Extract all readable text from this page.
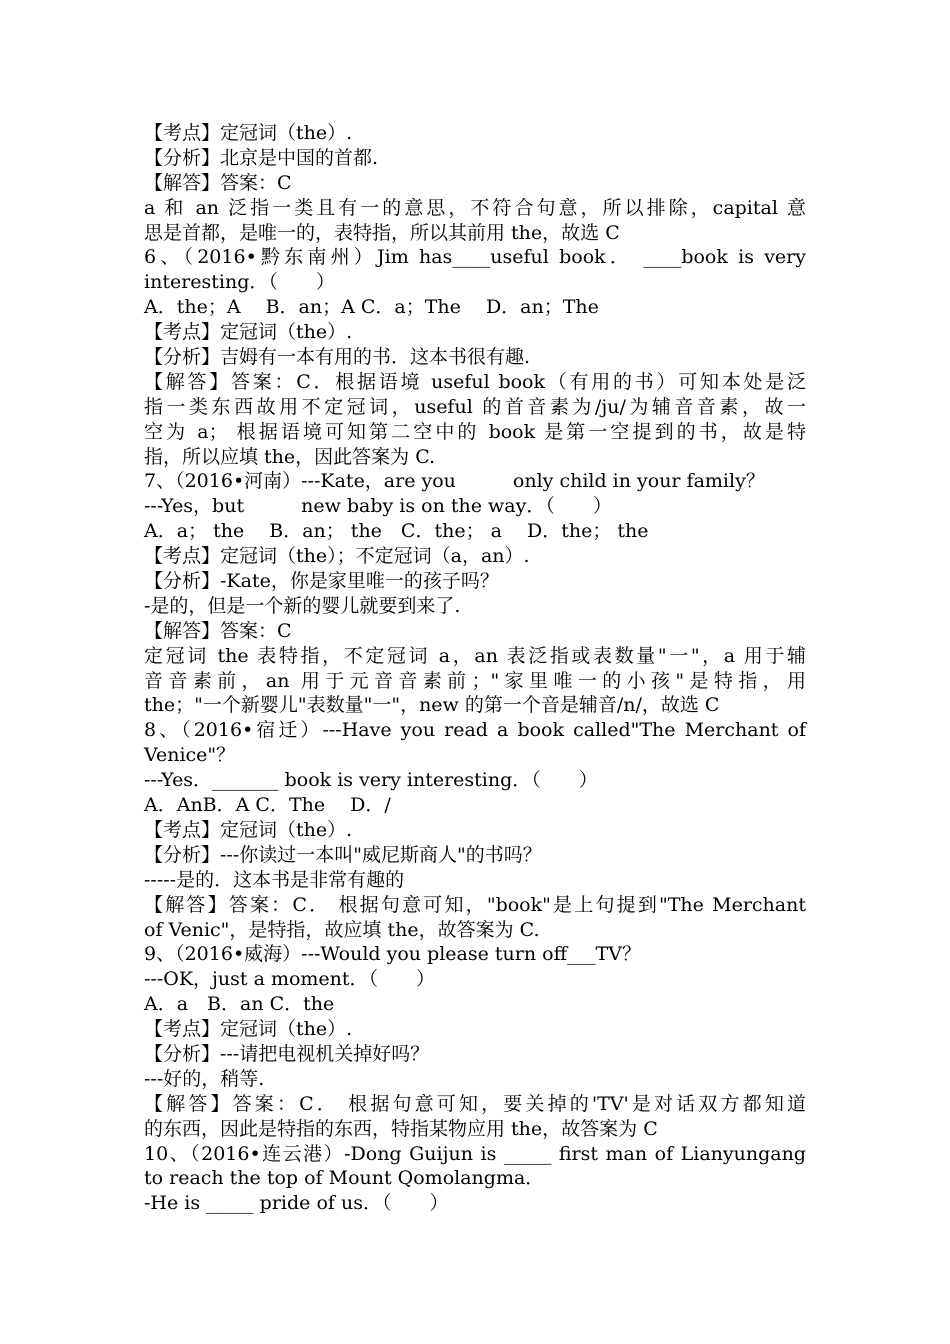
【考点】定冠词（the）.
【分析】北京是中国的首都.
【解答】答案：C
a 和 an 泛指一类且有一的意思，不符合句意，所以排除，capital 意
思是首都，是唯一的，表特指，所以其前用 the，故选 C
6、（2016•黔东南州）Jim has____useful book． ____book is very
interesting．（　　）
A．the；A　 B．an；A C．a；The　 D．an；The
【考点】定冠词（the）.
【分析】吉姆有一本有用的书．这本书很有趣.
【解答】答案：C．根据语境 useful book（有用的书）可知本处是泛
指一类东西故用不定冠词，useful 的首音素为/ju/为辅音音素，故一
空为 a； 根据语境可知第二空中的 book 是第一空提到的书，故是特
指，所以应填 the，因此答案为 C.
7、（2016•河南）---Kate，are you　　　only child in your family？
---Yes，but　　　new baby is on the way．（　　）
A．a； the　 B．an； the　C．the； a　 D．the； the
【考点】定冠词（the）；不定冠词（a，an）.
【分析】-Kate，你是家里唯一的孩子吗？
-是的，但是一个新的婴儿就要到来了.
【解答】答案：C
定冠词 the 表特指，不定冠词 a，an 表泛指或表数量"一"，a 用于辅
音音素前，an 用于元音音素前；"家里唯一的小孩"是特指，用
the；"一个新婴儿"表数量"一"，new 的第一个音是辅音/n/，故选 C
8、（2016•宿迁）---Have you read a book called"The Merchant of
Venice"？
---Yes．_______ book is very interesting．（　　）
A．AnB．A C．The　 D．/
【考点】定冠词（the）.
【分析】---你读过一本叫"威尼斯商人"的书吗？
-----是的．这本书是非常有趣的
【解答】答案：C． 根据句意可知，"book"是上句提到"The Merchant
of Venic"，是特指，故应填 the，故答案为 C.
9、（2016•威海）---Would you please turn off___TV？
---OK，just a moment．（　　）
A．a　B．an C．the
【考点】定冠词（the）.
【分析】---请把电视机关掉好吗？
---好的，稍等.
【解答】答案：C． 根据句意可知，要关掉的'TV'是对话双方都知道
的东西，因此是特指的东西，特指某物应用 the，故答案为 C
10、（2016•连云港）-Dong Guijun is _____ first man of Lianyungang
to reach the top of Mount Qomolangma．
-He is _____ pride of us．（　　）
